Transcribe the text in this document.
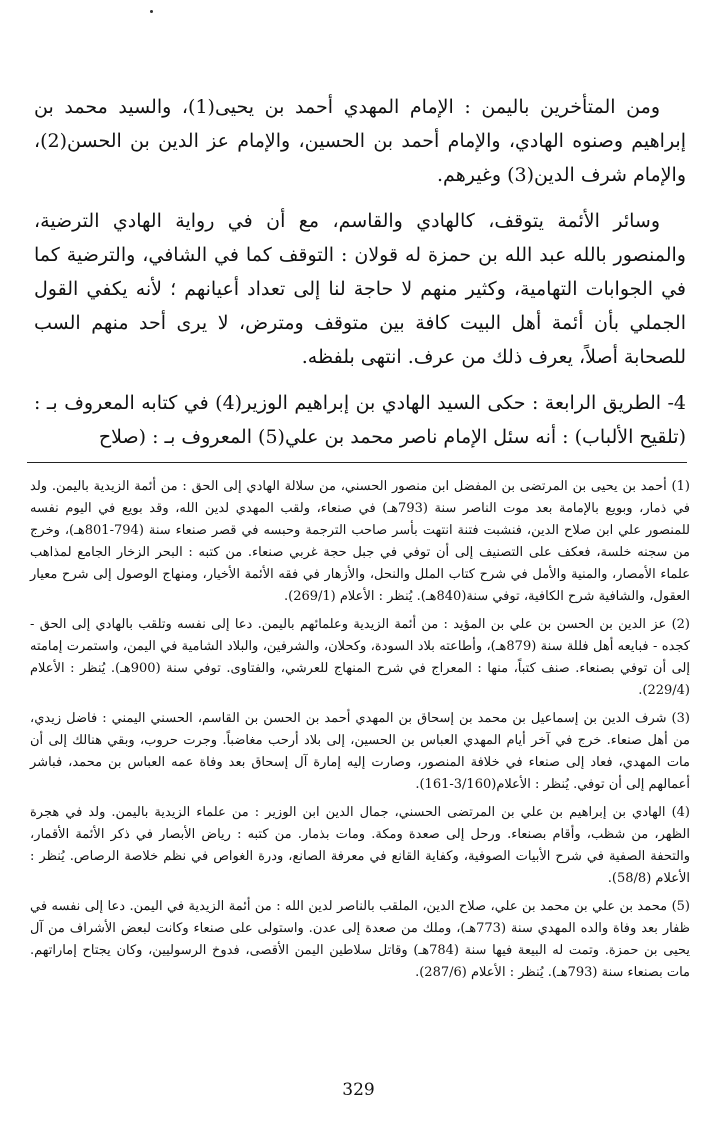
ومن المتأخرين باليمن : الإمام المهدي أحمد بن يحيى(1)، والسيد محمد بن إبراهيم وصنوه الهادي، والإمام أحمد بن الحسين، والإمام عز الدين بن الحسن(2)، والإمام شرف الدين(3) وغيرهم.

وسائر الأئمة يتوقف، كالهادي والقاسم، مع أن في رواية الهادي الترضية، والمنصور بالله عبد الله بن حمزة له قولان : التوقف كما في الشافي، والترضية كما في الجوابات التهامية، وكثير منهم لا حاجة لنا إلى تعداد أعيانهم ؛ لأنه يكفي القول الجملي بأن أئمة أهل البيت كافة بين متوقف ومترض، لا يرى أحد منهم السب للصحابة أصلاً، يعرف ذلك من عرف. انتهى بلفظه.

4- الطريق الرابعة : حكى السيد الهادي بن إبراهيم الوزير(4) في كتابه المعروف بـ : (تلقيح الألباب) : أنه سئل الإمام ناصر محمد بن علي(5) المعروف بـ : (صلاح

(1) أحمد بن يحيى بن المرتضى بن المفضل ابن منصور الحسني، من سلالة الهادي إلى الحق : من أئمة الزيدية باليمن. ولد في ذمار، وبويع بالإمامة بعد موت الناصر سنة (793هـ) في صنعاء، ولقب المهدي لدين الله، وقد بويع في اليوم نفسه للمنصور علي ابن صلاح الدين، فنشبت فتنة انتهت بأسر صاحب الترجمة وحبسه في قصر صنعاء سنة (794-801هـ)، وخرج من سجنه خلسة، فعكف على التصنيف إلى أن توفي في جبل حجة غربي صنعاء. من كتبه : البحر الزخار الجامع لمذاهب علماء الأمصار، والمنية والأمل في شرح كتاب الملل والنحل، والأزهار في فقه الأئمة الأخيار، ومنهاج الوصول إلى شرح معيار العقول، والشافية شرح الكافية، توفي سنة(840هـ). يُنظر : الأعلام (269/1).

(2) عز الدين بن الحسن بن علي بن المؤيد : من أئمة الزيدية وعلمائهم باليمن. دعا إلى نفسه وتلقب بالهادي إلى الحق - كجده - فبايعه أهل فللة سنة (879هـ)، وأطاعته بلاد السودة، وكحلان، والشرفين، والبلاد الشامية في اليمن، واستمرت إمامته إلى أن توفي بصنعاء. صنف كتباً، منها : المعراج في شرح المنهاج للعرشي، والفتاوى. توفي سنة (900هـ). يُنظر : الأعلام (229/4).

(3) شرف الدين بن إسماعيل بن محمد بن إسحاق بن المهدي أحمد بن الحسن بن القاسم، الحسني اليمني : فاضل زيدي، من أهل صنعاء. خرج في آخر أيام المهدي العباس بن الحسين، إلى بلاد أرحب مغاضباً. وجرت حروب، وبقي هنالك إلى أن مات المهدي، فعاد إلى صنعاء في خلافة المنصور، وصارت إليه إمارة آل إسحاق بعد وفاة عمه العباس بن محمد، فباشر أعمالهم إلى أن توفي. يُنظر : الأعلام(3/160-161).

(4) الهادي بن إبراهيم بن علي بن المرتضى الحسني، جمال الدين ابن الوزير : من علماء الزيدية باليمن. ولد في هجرة الظهر، من شظب، وأقام بصنعاء. ورحل إلى صعدة ومكة. ومات بذمار. من كتبه : رياض الأبصار في ذكر الأئمة الأقمار، والتحفة الصفية في شرح الأبيات الصوفية، وكفاية القانع في معرفة الصانع، ودرة الغواص في نظم خلاصة الرصاص. يُنظر : الأعلام (58/8).

(5) محمد بن علي بن محمد بن علي، صلاح الدين، الملقب بالناصر لدين الله : من أئمة الزيدية في اليمن. دعا إلى نفسه في ظفار بعد وفاة والده المهدي سنة (773هـ)، وملك من صعدة إلى عدن. واستولى على صنعاء وكانت لبعض الأشراف من آل يحيى بن حمزة. وتمت له البيعة فيها سنة (784هـ) وقاتل سلاطين اليمن الأقصى، فدوخ الرسوليين، وكان يجتاح إماراتهم. مات بصنعاء سنة (793هـ). يُنظر : الأعلام (287/6).

329
